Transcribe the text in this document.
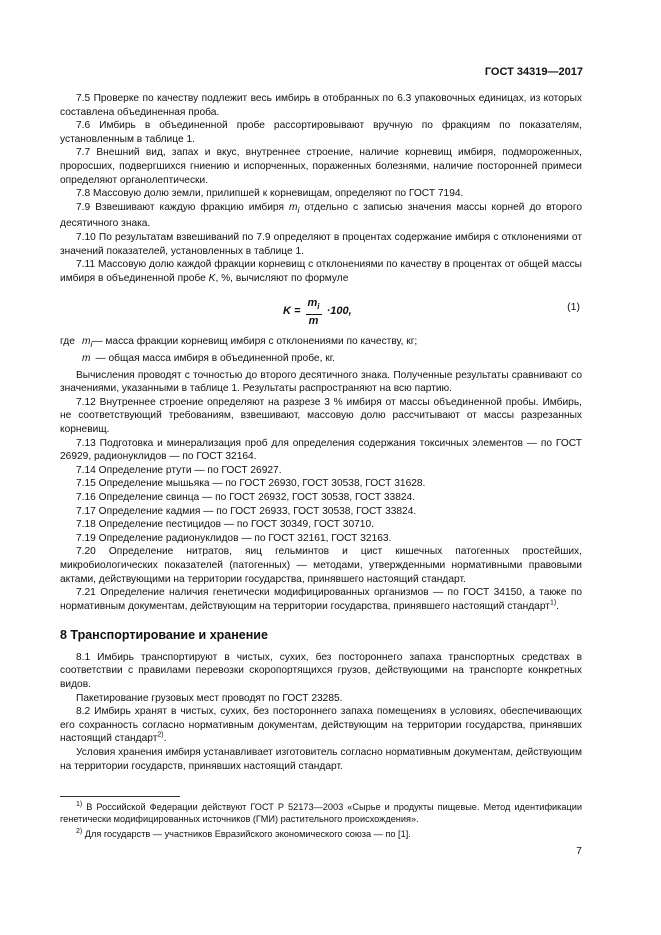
ГОСТ 34319—2017

7.5 Проверке по качеству подлежит весь имбирь в отобранных по 6.3 упаковочных единицах, из которых составлена объединенная проба.

7.6 Имбирь в объединенной пробе рассортировывают вручную по фракциям по показателям, установленным в таблице 1.

7.7 Внешний вид, запах и вкус, внутреннее строение, наличие корневищ имбиря, подмороженных, проросших, подвергшихся гниению и испорченных, пораженных болезнями, наличие посторонней примеси определяют органолептически.

7.8 Массовую долю земли, прилипшей к корневищам, определяют по ГОСТ 7194.

7.9 Взвешивают каждую фракцию имбиря $m_i$ отдельно с записью значения массы корней до второго десятичного знака.

7.10 По результатам взвешиваний по 7.9 определяют в процентах содержание имбиря с отклонениями от значений показателей, установленных в таблице 1.

7.11 Массовую долю каждой фракции корневищ с отклонениями по качеству в процентах от общей массы имбиря в объединенной пробе K, %, вычисляют по формуле

$K = \frac{m_i}{m} \cdot 100$,	(1)
где $m_i$ — масса фракции корневищ имбиря с отклонениями по качеству, кг;
m — общая масса имбиря в объединенной пробе, кг.

Вычисления проводят с точностью до второго десятичного знака. Полученные результаты сравнивают со значениями, указанными в таблице 1. Результаты распространяют на всю партию.

7.12 Внутреннее строение определяют на разрезе 3 % имбиря от массы объединенной пробы. Имбирь, не соответствующий требованиям, взвешивают, массовую долю рассчитывают от массы разрезанных корневищ.

7.13 Подготовка и минерализация проб для определения содержания токсичных элементов — по ГОСТ 26929, радионуклидов — по ГОСТ 32164.

7.14 Определение ртути — по ГОСТ 26927.

7.15 Определение мышьяка — по ГОСТ 26930, ГОСТ 30538, ГОСТ 31628.

7.16 Определение свинца — по ГОСТ 26932, ГОСТ 30538, ГОСТ 33824.

7.17 Определение кадмия — по ГОСТ 26933, ГОСТ 30538, ГОСТ 33824.

7.18 Определение пестицидов — по ГОСТ 30349, ГОСТ 30710.

7.19 Определение радионуклидов — по ГОСТ 32161, ГОСТ 32163.

7.20 Определение нитратов, яиц гельминтов и цист кишечных патогенных простейших, микробиологических показателей (патогенных) — методами, утвержденными нормативными правовыми актами, действующими на территории государства, принявшего настоящий стандарт.

7.21 Определение наличия генетически модифицированных организмов — по ГОСТ 34150, а также по нормативным документам, действующим на территории государства, принявшего настоящий стандарт$^{1)}$.

8 Транспортирование и хранение

8.1 Имбирь транспортируют в чистых, сухих, без постороннего запаха транспортных средствах в соответствии с правилами перевозки скоропортящихся грузов, действующими на транспорте конкретных видов.

Пакетирование грузовых мест проводят по ГОСТ 23285.

8.2 Имбирь хранят в чистых, сухих, без постороннего запаха помещениях в условиях, обеспечивающих его сохранность согласно нормативным документам, действующим на территории государства, принявших настоящий стандарт$^{2)}$.

Условия хранения имбиря устанавливает изготовитель согласно нормативным документам, действующим на территории государств, принявших настоящий стандарт.

$^{1)}$ В Российской Федерации действуют ГОСТ Р 52173—2003 «Сырье и продукты пищевые. Метод идентификации генетически модифицированных источников (ГМИ) растительного происхождения».

$^{2)}$ Для государств — участников Евразийского экономического союза — по [1].

7
